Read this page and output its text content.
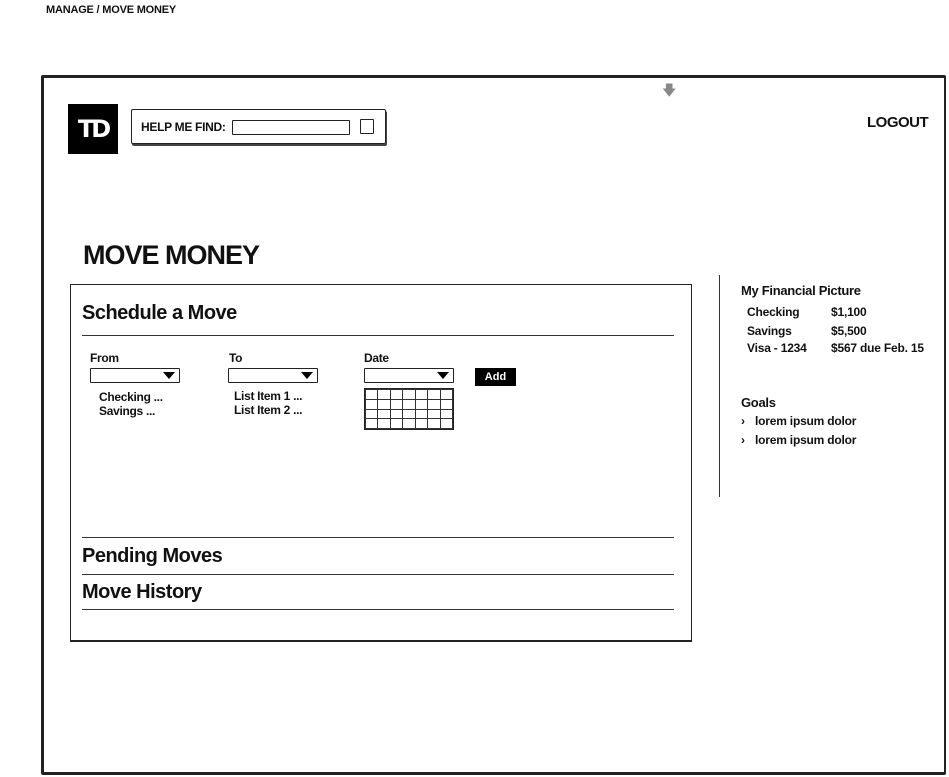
MANAGE / MOVE MONEY
🡇
TD	HELP ME FIND:	LOGOUT
MOVE MONEY
Schedule a Move
From
Checking ...
Savings ...
To
List Item 1 ...
List Item 2 ...
Date

Add
Pending Moves
Move History
My Financial Picture
Checking	$1,100
Savings	$5,500
Visa - 1234 $567 due Feb. 15
Goals
› lorem ipsum dolor
› lorem ipsum dolor
